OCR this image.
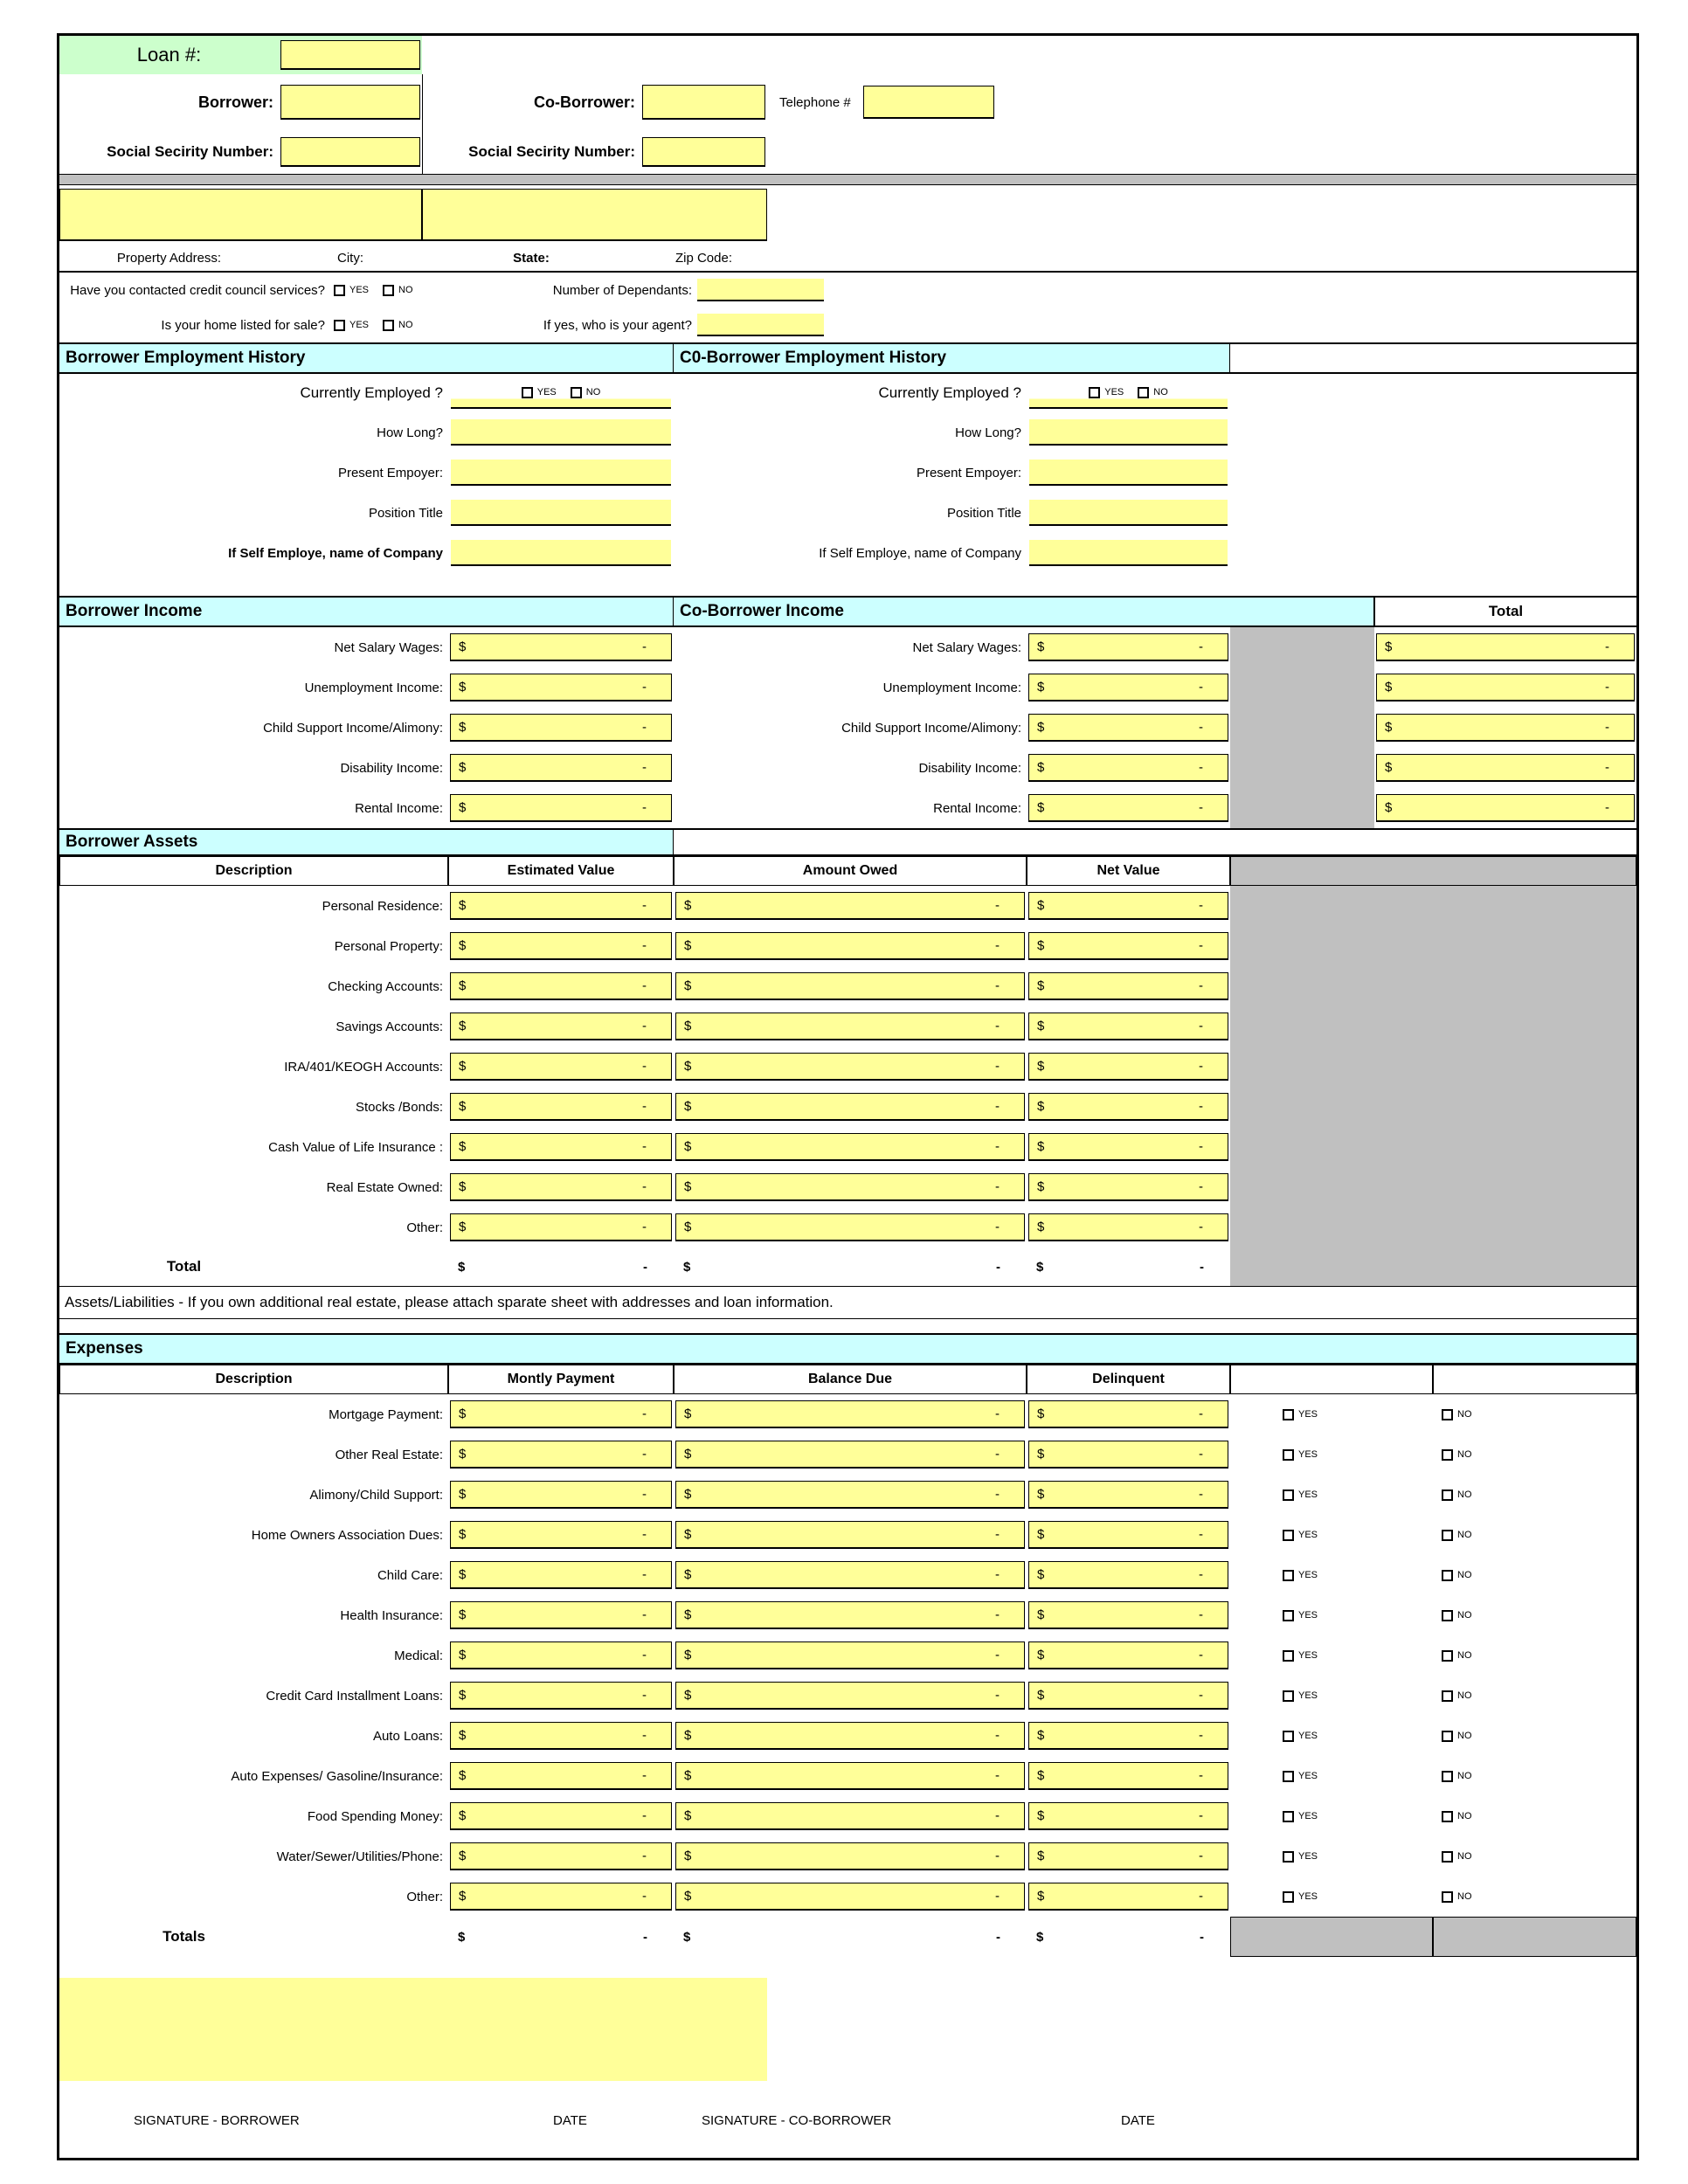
Loan #:
Borrower:	Co-Borrower:	Telephone #
Social Secirity Number:	Social Secirity Number:
Property Address:	City:	State:	Zip Code:
Have you contacted credit council services?	YES	NO	Number of Dependants:
Is your home listed for sale?	YES	NO	If yes, who is your agent?
Borrower Employment History	C0-Borrower Employment History
Currently Employed ?	YES	NO	Currently Employed ?	YES	NO
How Long?	How Long?
Present Empoyer:	Present Empoyer:
Position Title	Position Title
If Self Employe, name of Company	If Self Employe, name of Company
Borrower Income	Co-Borrower Income	Total
Net Salary Wages:	$	-	Net Salary Wages:	$	-	$	-
Unemployment Income:	$	-	Unemployment Income:	$	-	$	-
Child Support Income/Alimony:	$	-	Child Support Income/Alimony:	$	-	$	-
Disability Income:	$	-	Disability Income:	$	-	$	-
Rental Income:	$	-	Rental Income:	$	-	$	-
Borrower Assets
Description	Estimated Value	Amount Owed	Net Value
Personal Residence:	$	-	$	-	$	-
Personal Property:	$	-	$	-	$	-
Checking Accounts:	$	-	$	-	$	-
Savings Accounts:	$	-	$	-	$	-
IRA/401/KEOGH Accounts:	$	-	$	-	$	-
Stocks /Bonds:	$	-	$	-	$	-
Cash Value of Life Insurance :	$	-	$	-	$	-
Real Estate Owned:	$	-	$	-	$	-
Other:	$	-	$	-	$	-
Total	$	-	$	-	$	-
Assets/Liabilities - If you own additional real estate, please attach sparate sheet with addresses and loan information.
Expenses
Description	Montly Payment	Balance Due	Delinquent
Mortgage Payment:	$	-	$	-	$	-	YES	NO
Other Real Estate:	$	-	$	-	$	-	YES	NO
Alimony/Child Support:	$	-	$	-	$	-	YES	NO
Home Owners Association Dues:	$	-	$	-	$	-	YES	NO
Child Care:	$	-	$	-	$	-	YES	NO
Health Insurance:	$	-	$	-	$	-	YES	NO
Medical:	$	-	$	-	$	-	YES	NO
Credit Card Installment Loans:	$	-	$	-	$	-	YES	NO
Auto Loans:	$	-	$	-	$	-	YES	NO
Auto Expenses/ Gasoline/Insurance:	$	-	$	-	$	-	YES	NO
Food Spending Money:	$	-	$	-	$	-	YES	NO
Water/Sewer/Utilities/Phone:	$	-	$	-	$	-	YES	NO
Other:	$	-	$	-	$	-	YES	NO
Totals	$	-	$	-	$	-
SIGNATURE - BORROWER	DATE	SIGNATURE - CO-BORROWER	DATE
